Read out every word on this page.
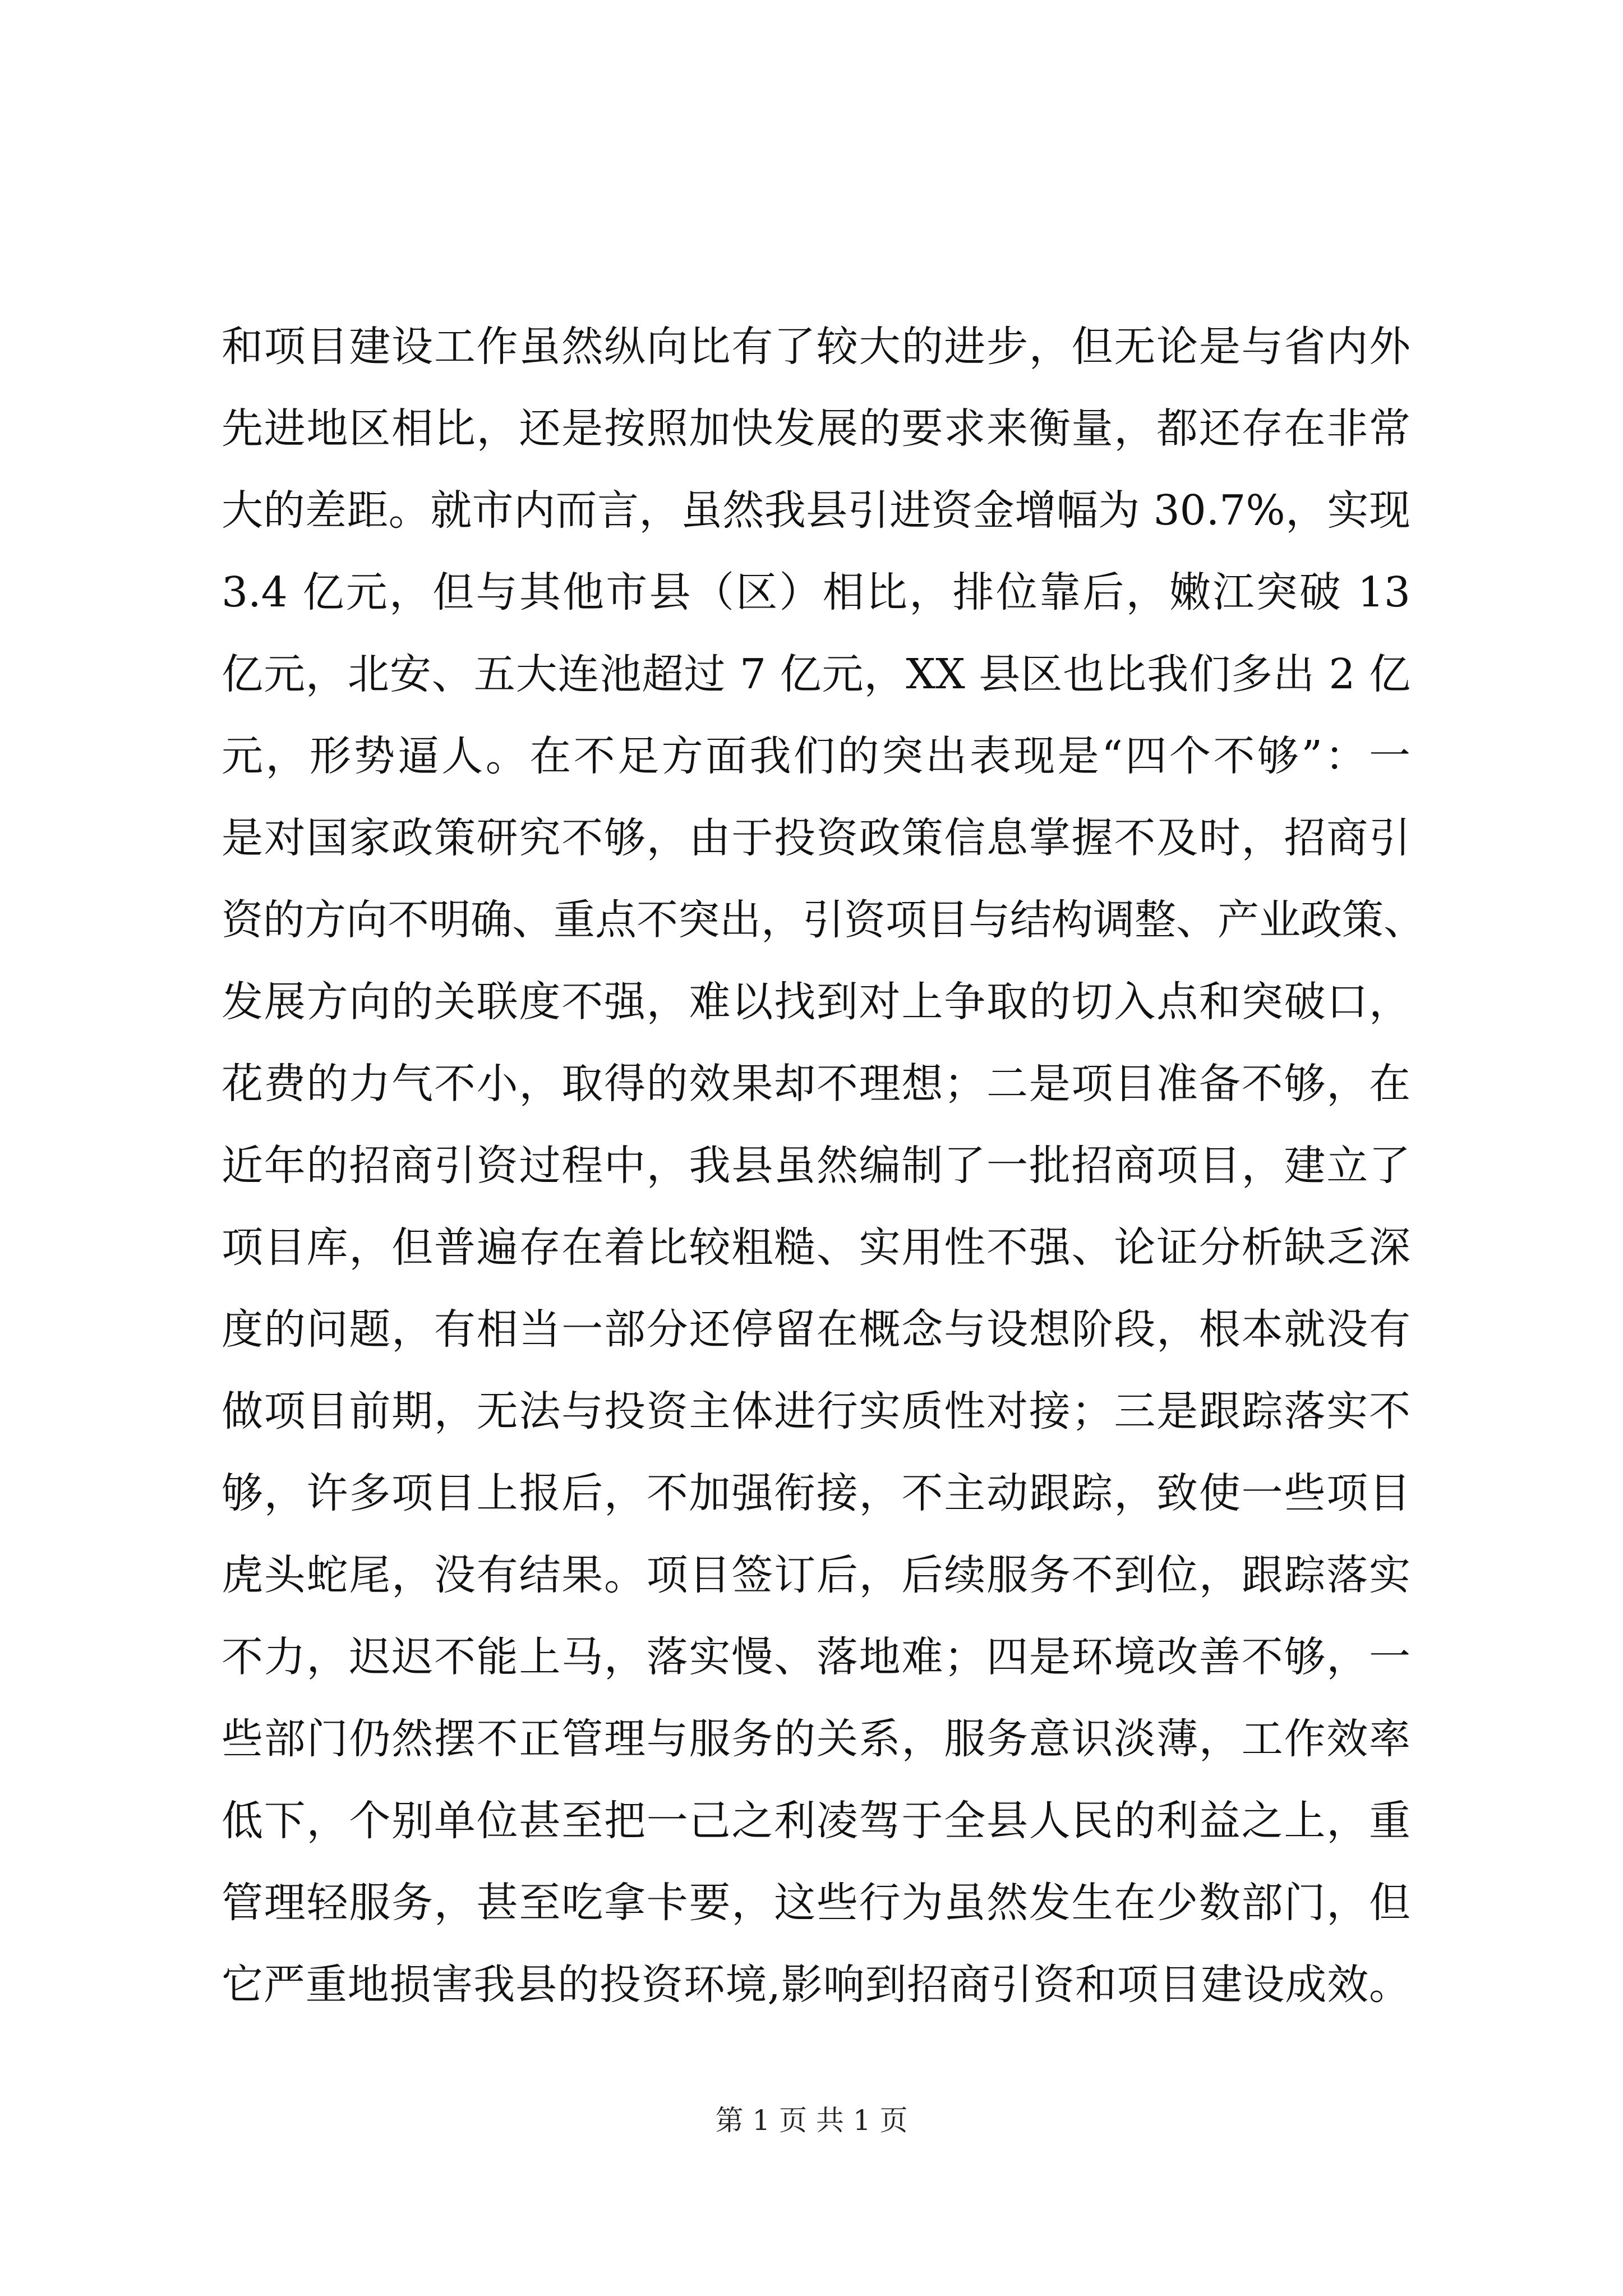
和项目建设工作虽然纵向比有了较大的进步，但无论是与省内外
先进地区相比，还是按照加快发展的要求来衡量，都还存在非常
大的差距。就市内而言，虽然我县引进资金增幅为 30.7%，实现
3.4 亿元，但与其他市县（区）相比，排位靠后，嫩江突破 13
亿元，北安、五大连池超过 7 亿元，XX 县区也比我们多出 2 亿
元，形势逼人。在不足方面我们的突出表现是“四个不够”：一
是对国家政策研究不够，由于投资政策信息掌握不及时，招商引
资的方向不明确、重点不突出，引资项目与结构调整、产业政策、
发展方向的关联度不强，难以找到对上争取的切入点和突破口，
花费的力气不小，取得的效果却不理想；二是项目准备不够，在
近年的招商引资过程中，我县虽然编制了一批招商项目，建立了
项目库，但普遍存在着比较粗糙、实用性不强、论证分析缺乏深
度的问题，有相当一部分还停留在概念与设想阶段，根本就没有
做项目前期，无法与投资主体进行实质性对接；三是跟踪落实不
够，许多项目上报后，不加强衔接，不主动跟踪，致使一些项目
虎头蛇尾，没有结果。项目签订后，后续服务不到位，跟踪落实
不力，迟迟不能上马，落实慢、落地难；四是环境改善不够，一
些部门仍然摆不正管理与服务的关系，服务意识淡薄，工作效率
低下，个别单位甚至把一己之利凌驾于全县人民的利益之上，重
管理轻服务，甚至吃拿卡要，这些行为虽然发生在少数部门，但
它严重地损害我县的投资环境,影响到招商引资和项目建设成效。
第 1 页 共 1 页
